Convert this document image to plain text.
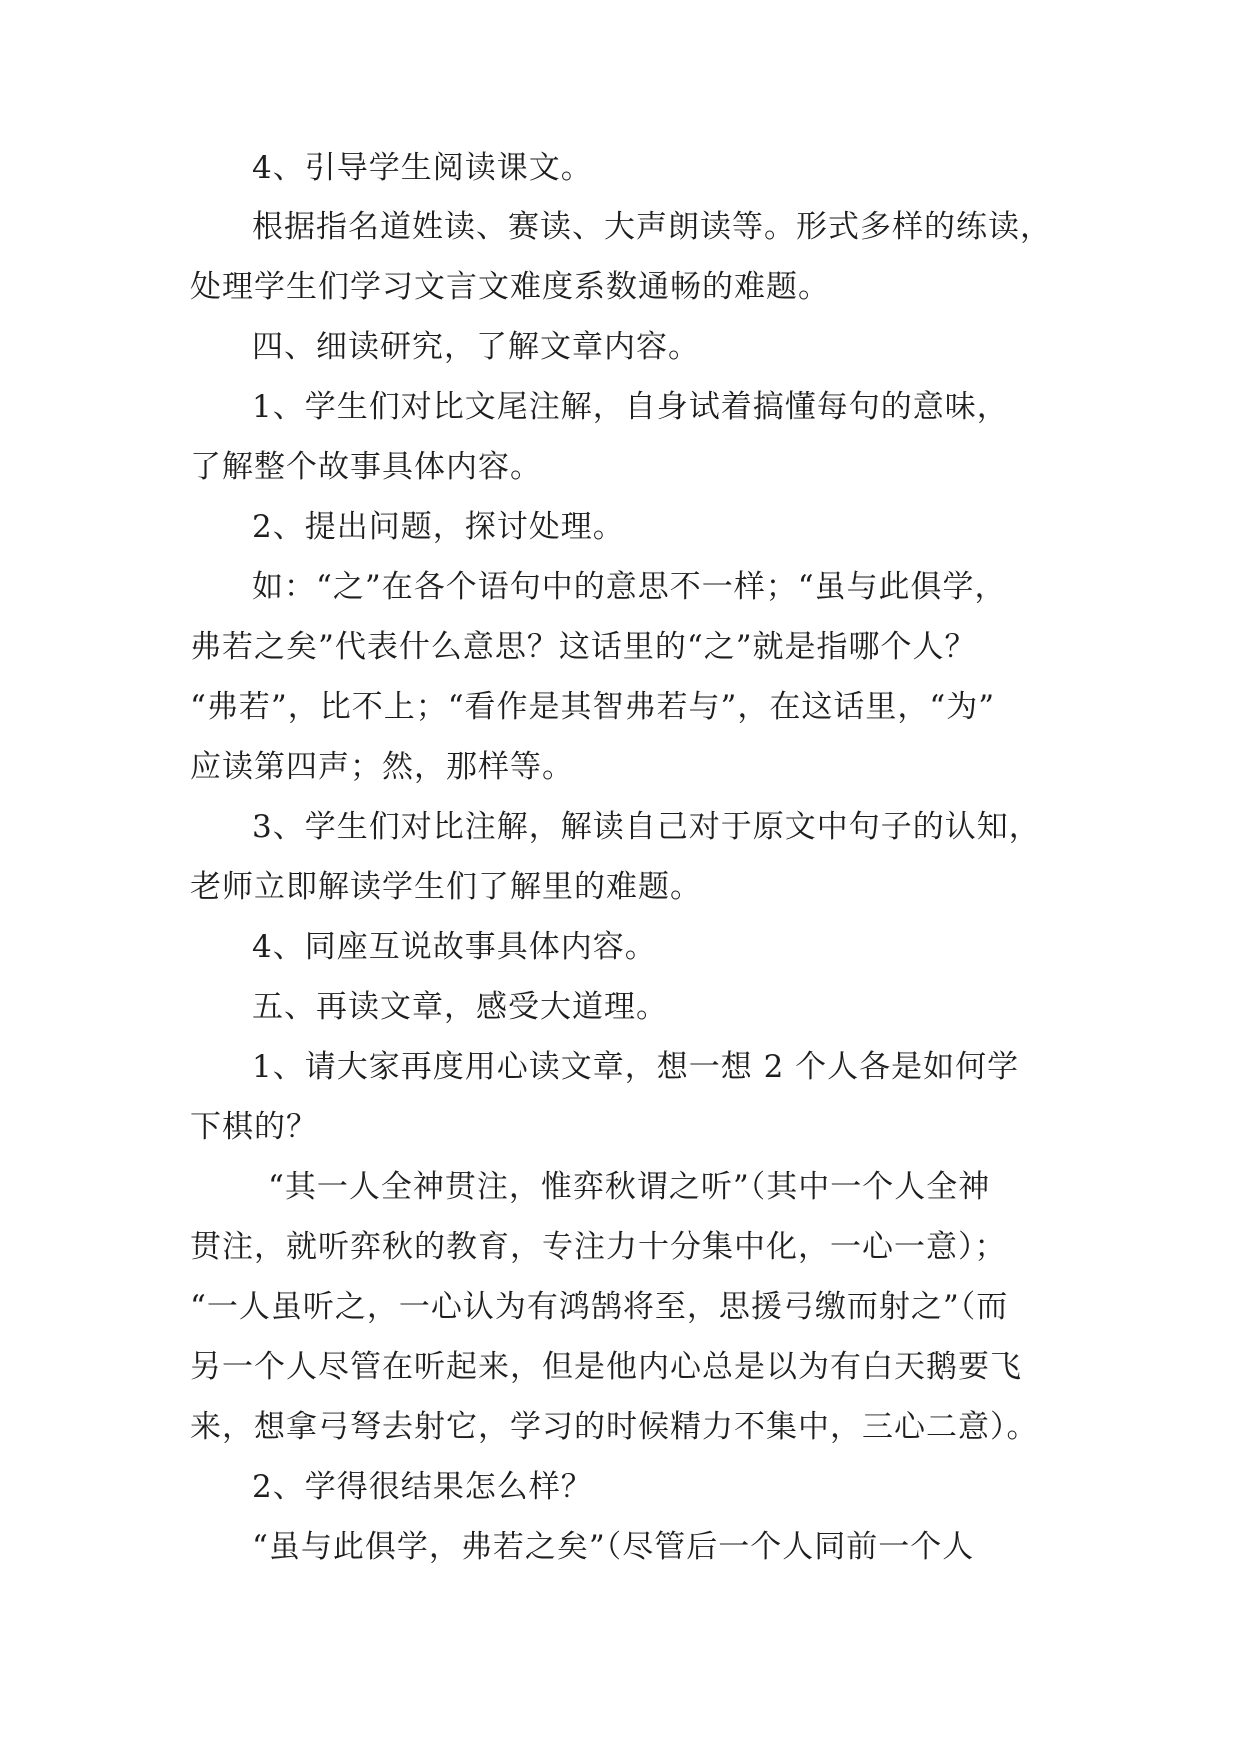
4、引导学生阅读课文。

根据指名道姓读、赛读、大声朗读等。形式多样的练读，

处理学生们学习文言文难度系数通畅的难题。

四、细读研究，了解文章内容。

1、学生们对比文尾注解，自身试着搞懂每句的意味，

了解整个故事具体内容。

2、提出问题，探讨处理。

如：“之”在各个语句中的意思不一样；“虽与此俱学，

弗若之矣”代表什么意思？这话里的“之”就是指哪个人？

“弗若”，比不上；“看作是其智弗若与”，在这话里，“为”

应读第四声；然，那样等。

3、学生们对比注解，解读自己对于原文中句子的认知，

老师立即解读学生们了解里的难题。

4、同座互说故事具体内容。

五、再读文章，感受大道理。

1、请大家再度用心读文章，想一想 2 个人各是如何学

下棋的？

“其一人全神贯注，惟弈秋谓之听”（其中一个人全神

贯注，就听弈秋的教育，专注力十分集中化，一心一意）；

“一人虽听之，一心认为有鸿鹄将至，思援弓缴而射之”（而

另一个人尽管在听起来，但是他内心总是以为有白天鹅要飞

来，想拿弓弩去射它，学习的时候精力不集中，三心二意）。

2、学得很结果怎么样？

“虽与此俱学，弗若之矣”（尽管后一个人同前一个人
